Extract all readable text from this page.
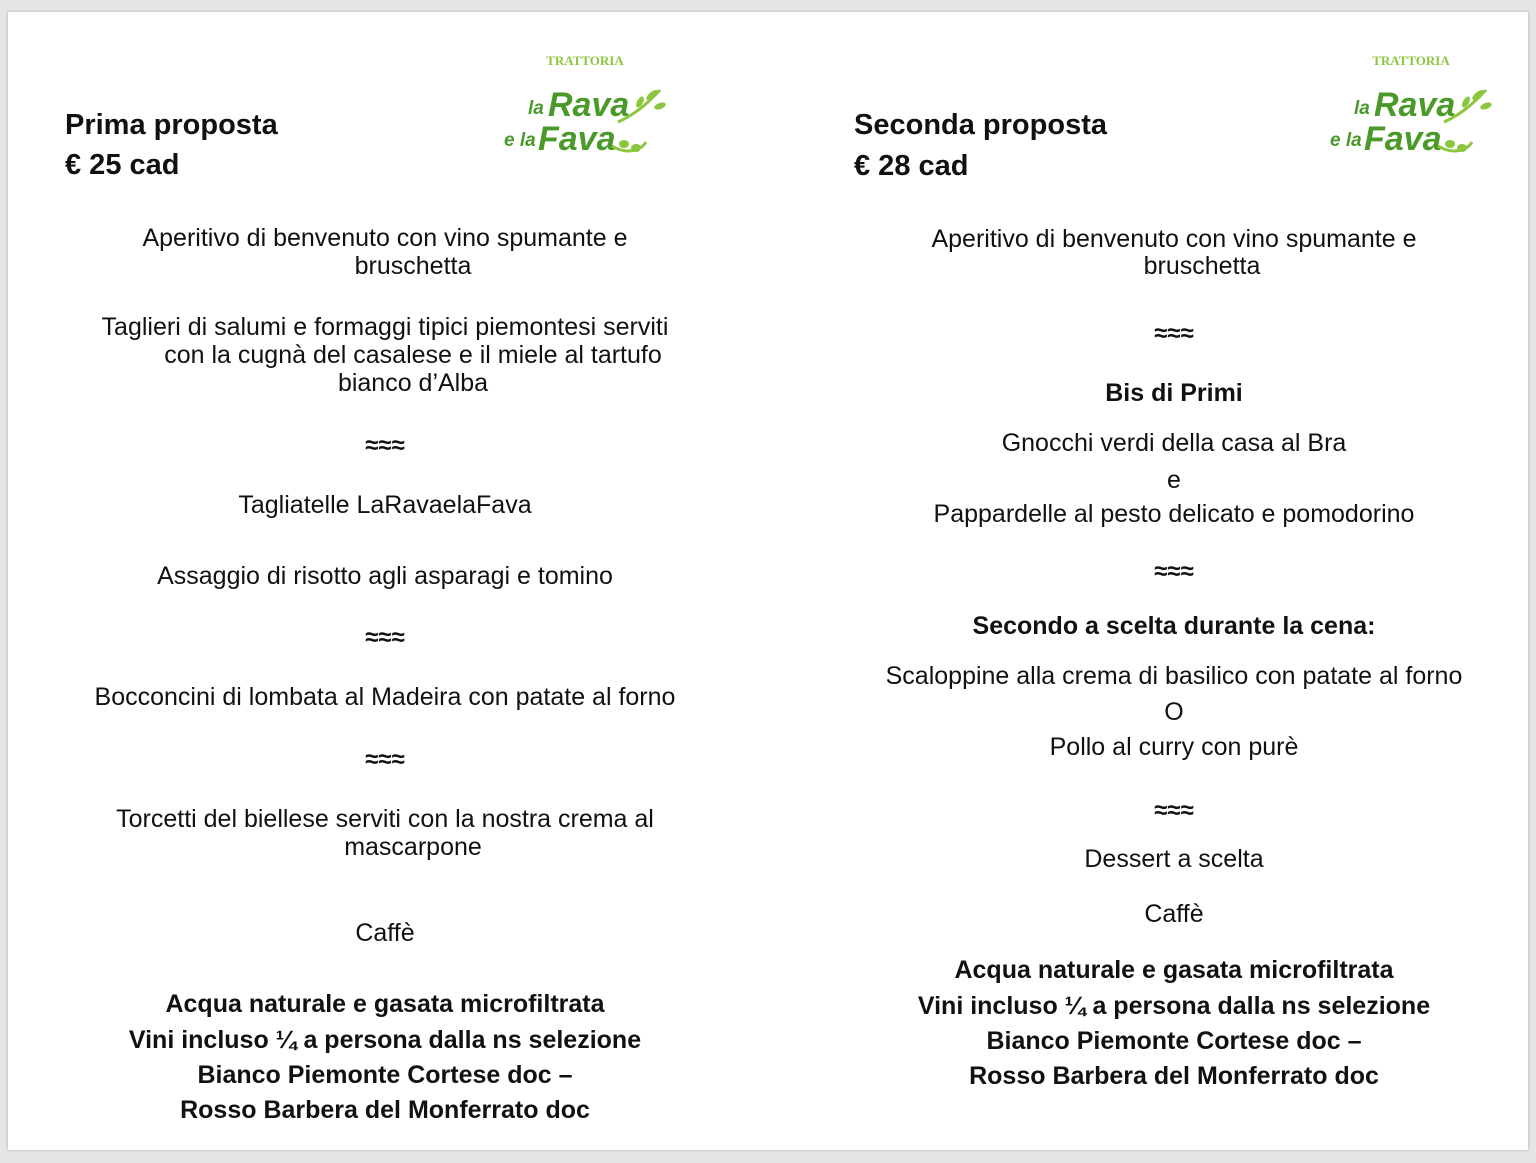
Prima proposta
€ 25 cad
TRATTORIA
la Rava
e la Fava
Aperitivo di benvenuto con vino spumante e
bruschetta
Taglieri di salumi e formaggi tipici piemontesi serviti
con la cugnà del casalese e il miele al tartufo
bianco d’Alba
≈≈≈
Tagliatelle LaRavaelaFava
Assaggio di risotto agli asparagi e tomino
≈≈≈
Bocconcini di lombata al Madeira con patate al forno
≈≈≈
Torcetti del biellese serviti con la nostra crema al
mascarpone
Caffè
Acqua naturale e gasata microfiltrata
Vini incluso ¼ a persona dalla ns selezione
Bianco Piemonte Cortese doc –
Rosso Barbera del Monferrato doc
Seconda proposta
€ 28 cad
TRATTORIA
la Rava
e la Fava
Aperitivo di benvenuto con vino spumante e
bruschetta
≈≈≈
Bis di Primi
Gnocchi verdi della casa al Bra
e
Pappardelle al pesto delicato e pomodorino
≈≈≈
Secondo a scelta durante la cena:
Scaloppine alla crema di basilico con patate al forno
O
Pollo al curry con purè
≈≈≈
Dessert a scelta
Caffè
Acqua naturale e gasata microfiltrata
Vini incluso ¼ a persona dalla ns selezione
Bianco Piemonte Cortese doc –
Rosso Barbera del Monferrato doc
